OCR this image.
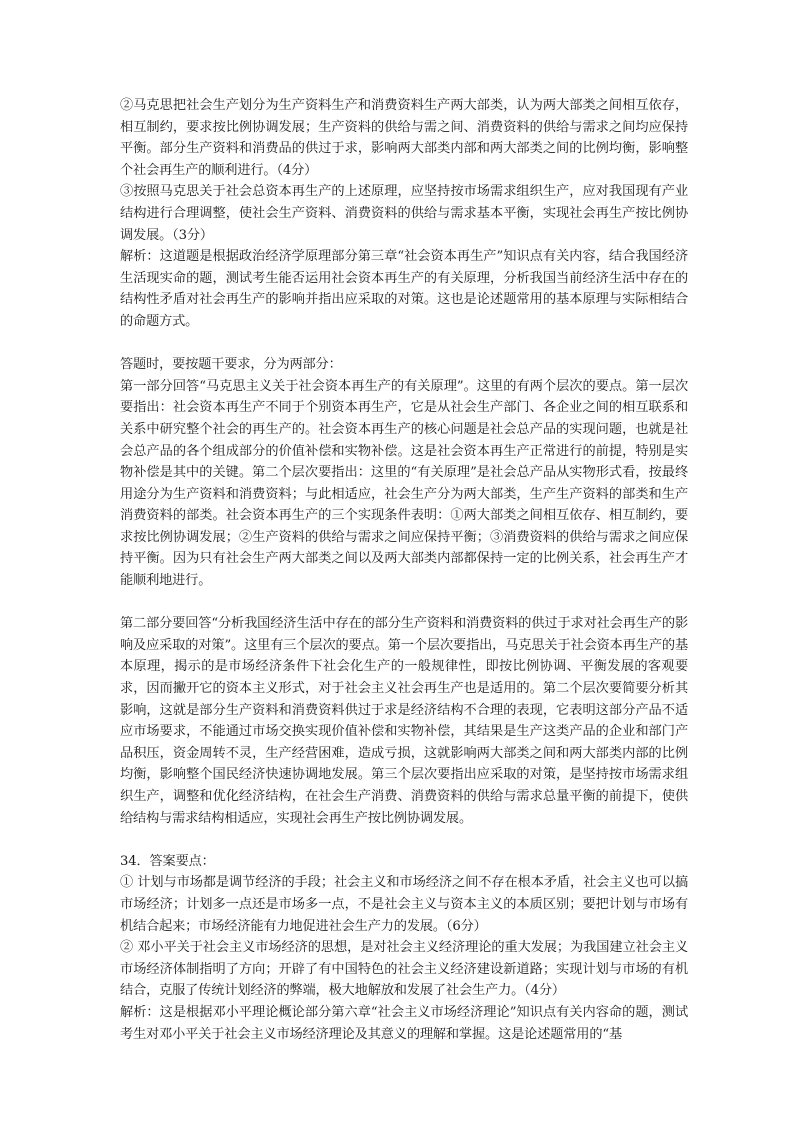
②马克思把社会生产划分为生产资料生产和消费资料生产两大部类，认为两大部类之间相互依存，相互制约，要求按比例协调发展；生产资料的供给与需之间、消费资料的供给与需求之间均应保持平衡。部分生产资料和消费品的供过于求，影响两大部类内部和两大部类之间的比例均衡，影响整个社会再生产的顺利进行。（4分）
③按照马克思关于社会总资本再生产的上述原理，应坚持按市场需求组织生产，应对我国现有产业结构进行合理调整，使社会生产资料、消费资料的供给与需求基本平衡，实现社会再生产按比例协调发展。（3分）
解析：这道题是根据政治经济学原理部分第三章“社会资本再生产”知识点有关内容，结合我国经济生活现实命的题，测试考生能否运用社会资本再生产的有关原理，分析我国当前经济生活中存在的结构性矛盾对社会再生产的影响并指出应采取的对策。这也是论述题常用的基本原理与实际相结合的命题方式。
答题时，要按题干要求，分为两部分：
第一部分回答“马克思主义关于社会资本再生产的有关原理”。这里的有两个层次的要点。第一层次要指出：社会资本再生产不同于个别资本再生产，它是从社会生产部门、各企业之间的相互联系和关系中研究整个社会的再生产的。社会资本再生产的核心问题是社会总产品的实现问题，也就是社会总产品的各个组成部分的价值补偿和实物补偿。这是社会资本再生产正常进行的前提，特别是实物补偿是其中的关键。第二个层次要指出：这里的“有关原理”是社会总产品从实物形式看，按最终用途分为生产资料和消费资料；与此相适应，社会生产分为两大部类，生产生产资料的部类和生产消费资料的部类。社会资本再生产的三个实现条件表明：①两大部类之间相互依存、相互制约，要求按比例协调发展；②生产资料的供给与需求之间应保持平衡；③消费资料的供给与需求之间应保持平衡。因为只有社会生产两大部类之间以及两大部类内部都保持一定的比例关系，社会再生产才能顺利地进行。
第二部分要回答“分析我国经济生活中存在的部分生产资料和消费资料的供过于求对社会再生产的影响及应采取的对策”。这里有三个层次的要点。第一个层次要指出，马克思关于社会资本再生产的基本原理，揭示的是市场经济条件下社会化生产的一般规律性，即按比例协调、平衡发展的客观要求，因而撇开它的资本主义形式，对于社会主义社会再生产也是适用的。第二个层次要简要分析其影响，这就是部分生产资料和消费资料供过于求是经济结构不合理的表现，它表明这部分产品不适应市场要求，不能通过市场交换实现价值补偿和实物补偿，其结果是生产这类产品的企业和部门产品积压，资金周转不灵，生产经营困难，造成亏损，这就影响两大部类之间和两大部类内部的比例均衡，影响整个国民经济快速协调地发展。第三个层次要指出应采取的对策，是坚持按市场需求组织生产，调整和优化经济结构，在社会生产消费、消费资料的供给与需求总量平衡的前提下，使供给结构与需求结构相适应，实现社会再生产按比例协调发展。
34．答案要点：
① 计划与市场都是调节经济的手段；社会主义和市场经济之间不存在根本矛盾，社会主义也可以搞市场经济；计划多一点还是市场多一点，不是社会主义与资本主义的本质区别；要把计划与市场有机结合起来；市场经济能有力地促进社会生产力的发展。（6分）
② 邓小平关于社会主义市场经济的思想，是对社会主义经济理论的重大发展；为我国建立社会主义市场经济体制指明了方向；开辟了有中国特色的社会主义经济建设新道路；实现计划与市场的有机结合，克服了传统计划经济的弊端，极大地解放和发展了社会生产力。（4分）
解析：这是根据邓小平理论概论部分第六章“社会主义市场经济理论”知识点有关内容命的题，测试考生对邓小平关于社会主义市场经济理论及其意义的理解和掌握。这是论述题常用的“基
